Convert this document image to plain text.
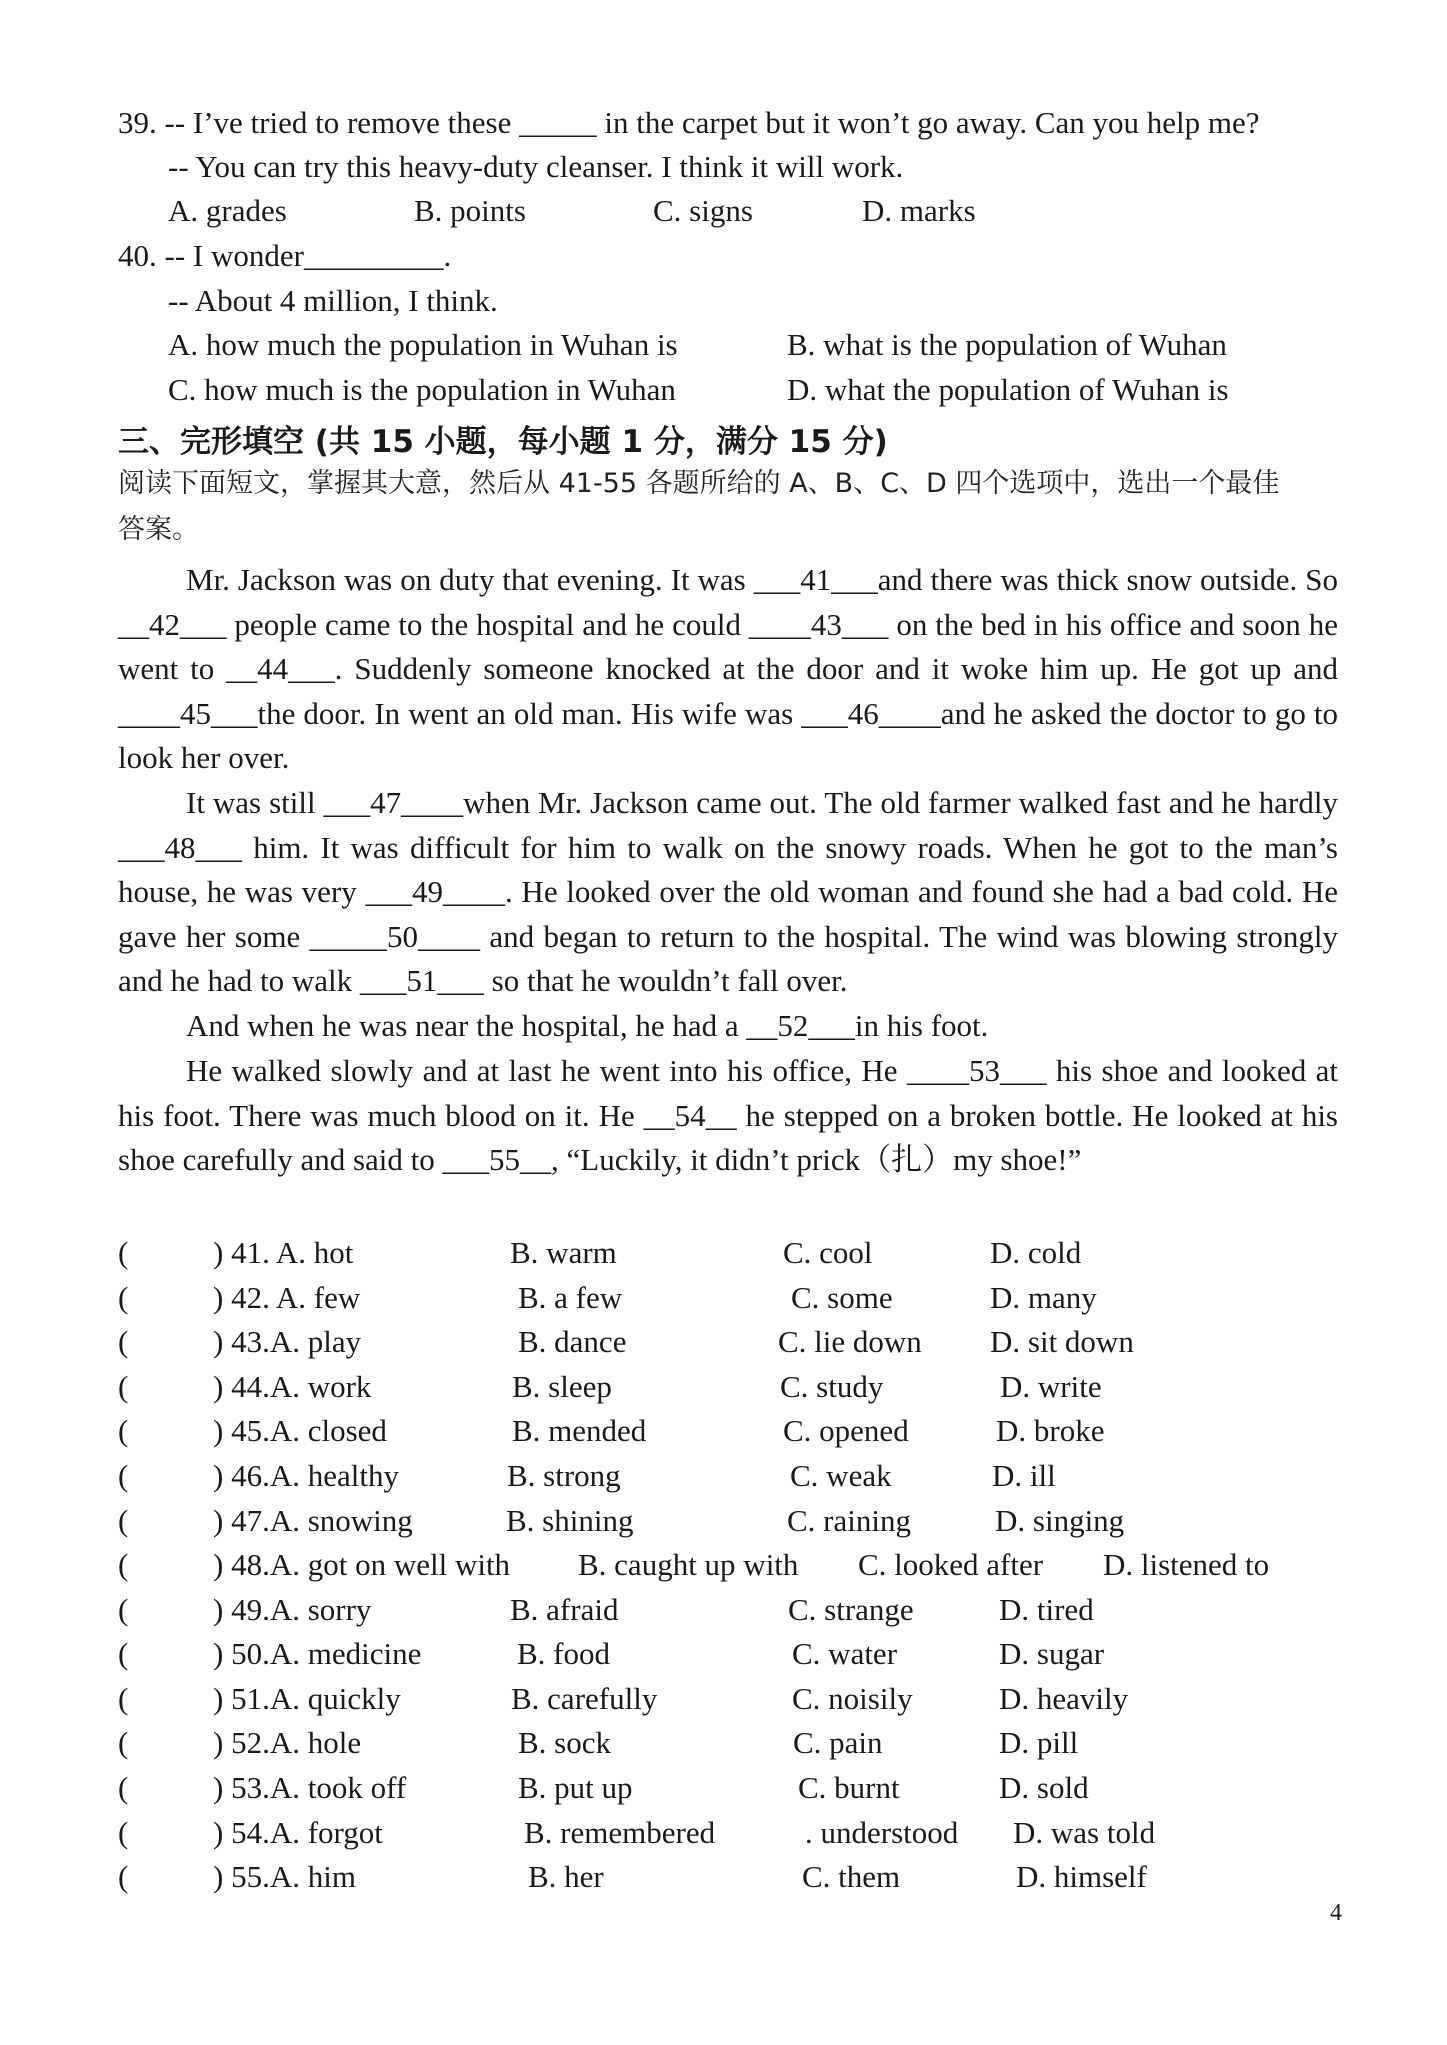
39. -- I’ve tried to remove these _____ in the carpet but it won’t go away. Can you help me?
-- You can try this heavy-duty cleanser. I think it will work.
A. grades	B. points	C. signs	D. marks
40. -- I wonder_________.
-- About 4 million, I think.
A. how much the population in Wuhan is	B. what is the population of Wuhan
C. how much is the population in Wuhan	D. what the population of Wuhan is
三、完形填空 (共 15 小题，每小题 1 分，满分 15 分)
阅读下面短文，掌握其大意，然后从 41-55 各题所给的 A、B、C、D 四个选项中，选出一个最佳
答案。

Mr. Jackson was on duty that evening. It was ___41___and there was thick snow outside. So __42___ people came to the hospital and he could ____43___ on the bed in his office and soon he went to __44___. Suddenly someone knocked at the door and it woke him up. He got up and ____45___the door. In went an old man. His wife was ___46____and he asked the doctor to go to look her over.

It was still ___47____when Mr. Jackson came out. The old farmer walked fast and he hardly ___48___ him. It was difficult for him to walk on the snowy roads. When he got to the man’s house, he was very ___49____. He looked over the old woman and found she had a bad cold. He gave her some _____50____ and began to return to the hospital. The wind was blowing strongly and he had to walk ___51___ so that he wouldn’t fall over.

And when he was near the hospital, he had a __52___in his foot.

He walked slowly and at last he went into his office, He ____53___ his shoe and looked at his foot. There was much blood on it. He __54__ he stepped on a broken bottle. He looked at his shoe carefully and said to ___55__, “Luckily, it didn’t prick（扎）my shoe!”

(	) 41. A. hot	B. warm	C. cool	D. cold
(	) 42. A. few	B. a few	C. some	D. many
(	) 43.A. play	B. dance	C. lie down D. sit down
(	) 44.A. work	B. sleep	C. study	D. write
(	) 45.A. closed	B. mended	C. opened	D. broke
(	) 46.A. healthy	B. strong	C. weak	D. ill
(	) 47.A. snowing	B. shining	C. raining	D. singing
(	) 48.A. got on well with B. caught up with C. looked after D. listened to
(	) 49.A. sorry	B. afraid	C. strange	D. tired
(	) 50.A. medicine	B. food	C. water	D. sugar
(	) 51.A. quickly	B. carefully	C. noisily	D. heavily
(	) 52.A. hole	B. sock	C. pain	D. pill
(	) 53.A. took off	B. put up	C. burnt	D. sold
(	) 54.A. forgot	B. remembered	. understood D. was told
(	) 55.A. him	B. her	C. them	D. himself
4
